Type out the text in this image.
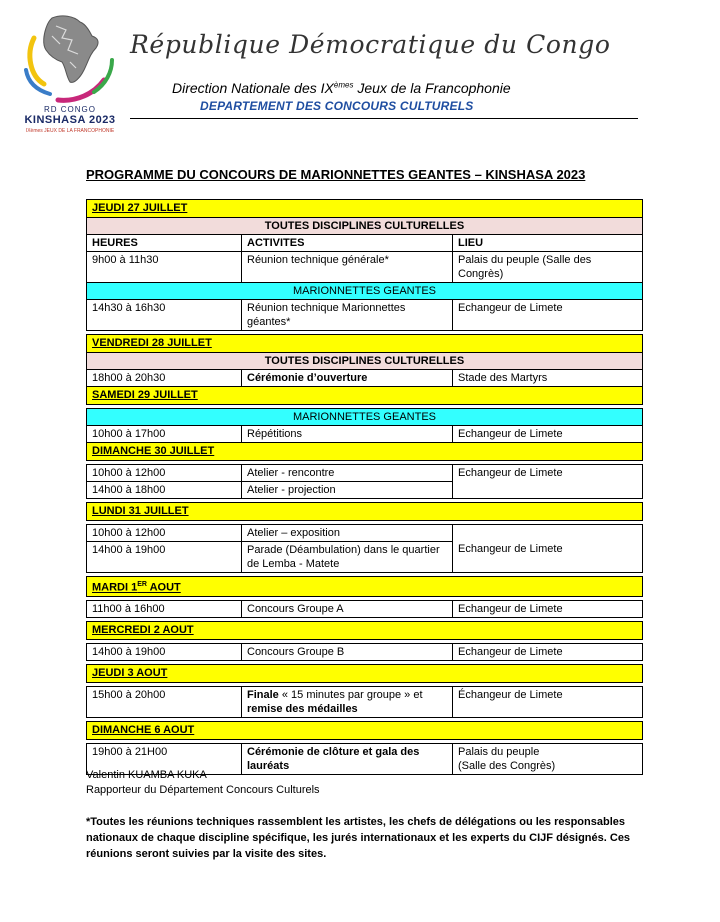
RD CONGO
KINSHASA 2023
IXèmes JEUX DE LA FRANCOPHONIE
République Démocratique du Congo
Direction Nationale des IXèmes Jeux de la Francophonie
DEPARTEMENT DES CONCOURS CULTURELS
PROGRAMME DU CONCOURS DE MARIONNETTES GEANTES – KINSHASA 2023
JEUDI 27 JUILLET		
TOUTES DISCIPLINES CULTURELLES		
HEURES	ACTIVITES	LIEU
9h00 à 11h30	Réunion technique générale*	Palais du peuple (Salle des Congrès)
MARIONNETTES GEANTES		
14h30 à 16h30	Réunion technique Marionnettes géantes*	Echangeur de Limete

VENDREDI 28 JUILLET		
TOUTES DISCIPLINES CULTURELLES		
18h00 à 20h30	Cérémonie d’ouverture	Stade des Martyrs
SAMEDI 29 JUILLET		

MARIONNETTES GEANTES		
10h00 à 17h00	Répétitions	Echangeur de Limete
DIMANCHE 30 JUILLET		

10h00 à 12h00	Atelier - rencontre	Echangeur de Limete
14h00 à 18h00	Atelier - projection	

LUNDI 31 JUILLET		

10h00 à 12h00	Atelier – exposition	Echangeur de Limete
14h00 à 19h00	Parade (Déambulation) dans le quartier de Lemba - Matete	

MARDI 1ER AOUT		

11h00 à 16h00	Concours Groupe A	Echangeur de Limete

MERCREDI 2 AOUT		

14h00 à 19h00	Concours Groupe B	Echangeur de Limete

JEUDI 3 AOUT		

15h00 à 20h00	Finale « 15 minutes par groupe » et remise des médailles	Échangeur de Limete

DIMANCHE 6 AOUT		

19h00 à 21H00	Cérémonie de clôture et gala des lauréats	Palais du peuple
(Salle des Congrès)
Valentin KUAMBA KUKA
Rapporteur du Département Concours Culturels
*Toutes les réunions techniques rassemblent les artistes, les chefs de délégations ou les responsables nationaux de chaque discipline spécifique, les jurés internationaux et les experts du CIJF désignés. Ces réunions seront suivies par la visite des sites.
